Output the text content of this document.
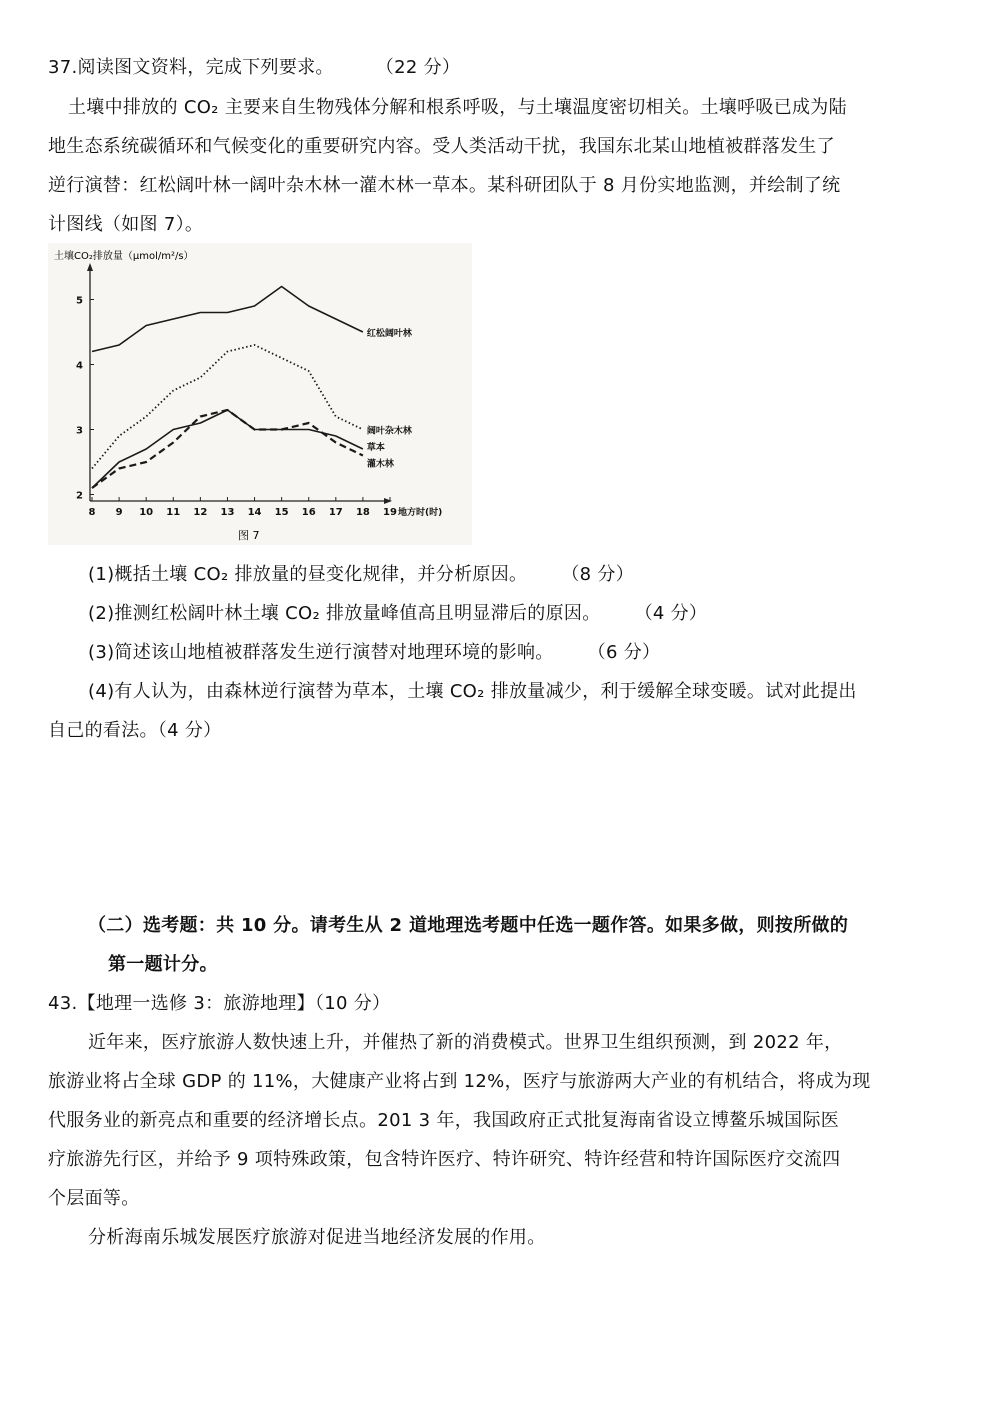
37.阅读图文资料，完成下列要求。 （22 分）
土壤中排放的 CO₂ 主要来自生物残体分解和根系呼吸，与土壤温度密切相关。土壤呼吸已成为陆
地生态系统碳循环和气候变化的重要研究内容。受人类活动干扰，我国东北某山地植被群落发生了
逆行演替：红松阔叶林一阔叶杂木林一灌木林一草本。某科研团队于 8 月份实地监测，并绘制了统
计图线（如图 7）。
土壤CO₂排放量（μmol/m²/s）
8 9 10 11 12 13 14 15 16 17 18 19 地方时(时)
2
3
4
5
红松阔叶林
阔叶杂木林
草本
灌木林
图 7
(1)概括土壤 CO₂ 排放量的昼变化规律，并分析原因。 （8 分）
(2)推测红松阔叶林土壤 CO₂ 排放量峰值高且明显滞后的原因。 （4 分）
(3)简述该山地植被群落发生逆行演替对地理环境的影响。 （6 分）
(4)有人认为，由森林逆行演替为草本，土壤 CO₂ 排放量减少，利于缓解全球变暖。试对此提出
自己的看法。（4 分）
（二）选考题：共 10 分。请考生从 2 道地理选考题中任选一题作答。如果多做，则按所做的
第一题计分。
43.【地理一选修 3：旅游地理】（10 分）
近年来，医疗旅游人数快速上升，并催热了新的消费模式。世界卫生组织预测，到 2022 年，
旅游业将占全球 GDP 的 11%，大健康产业将占到 12%，医疗与旅游两大产业的有机结合，将成为现
代服务业的新亮点和重要的经济增长点。201 3 年，我国政府正式批复海南省设立博鳌乐城国际医
疗旅游先行区，并给予 9 项特殊政策，包含特许医疗、特许研究、特许经营和特许国际医疗交流四
个层面等。
分析海南乐城发展医疗旅游对促进当地经济发展的作用。
